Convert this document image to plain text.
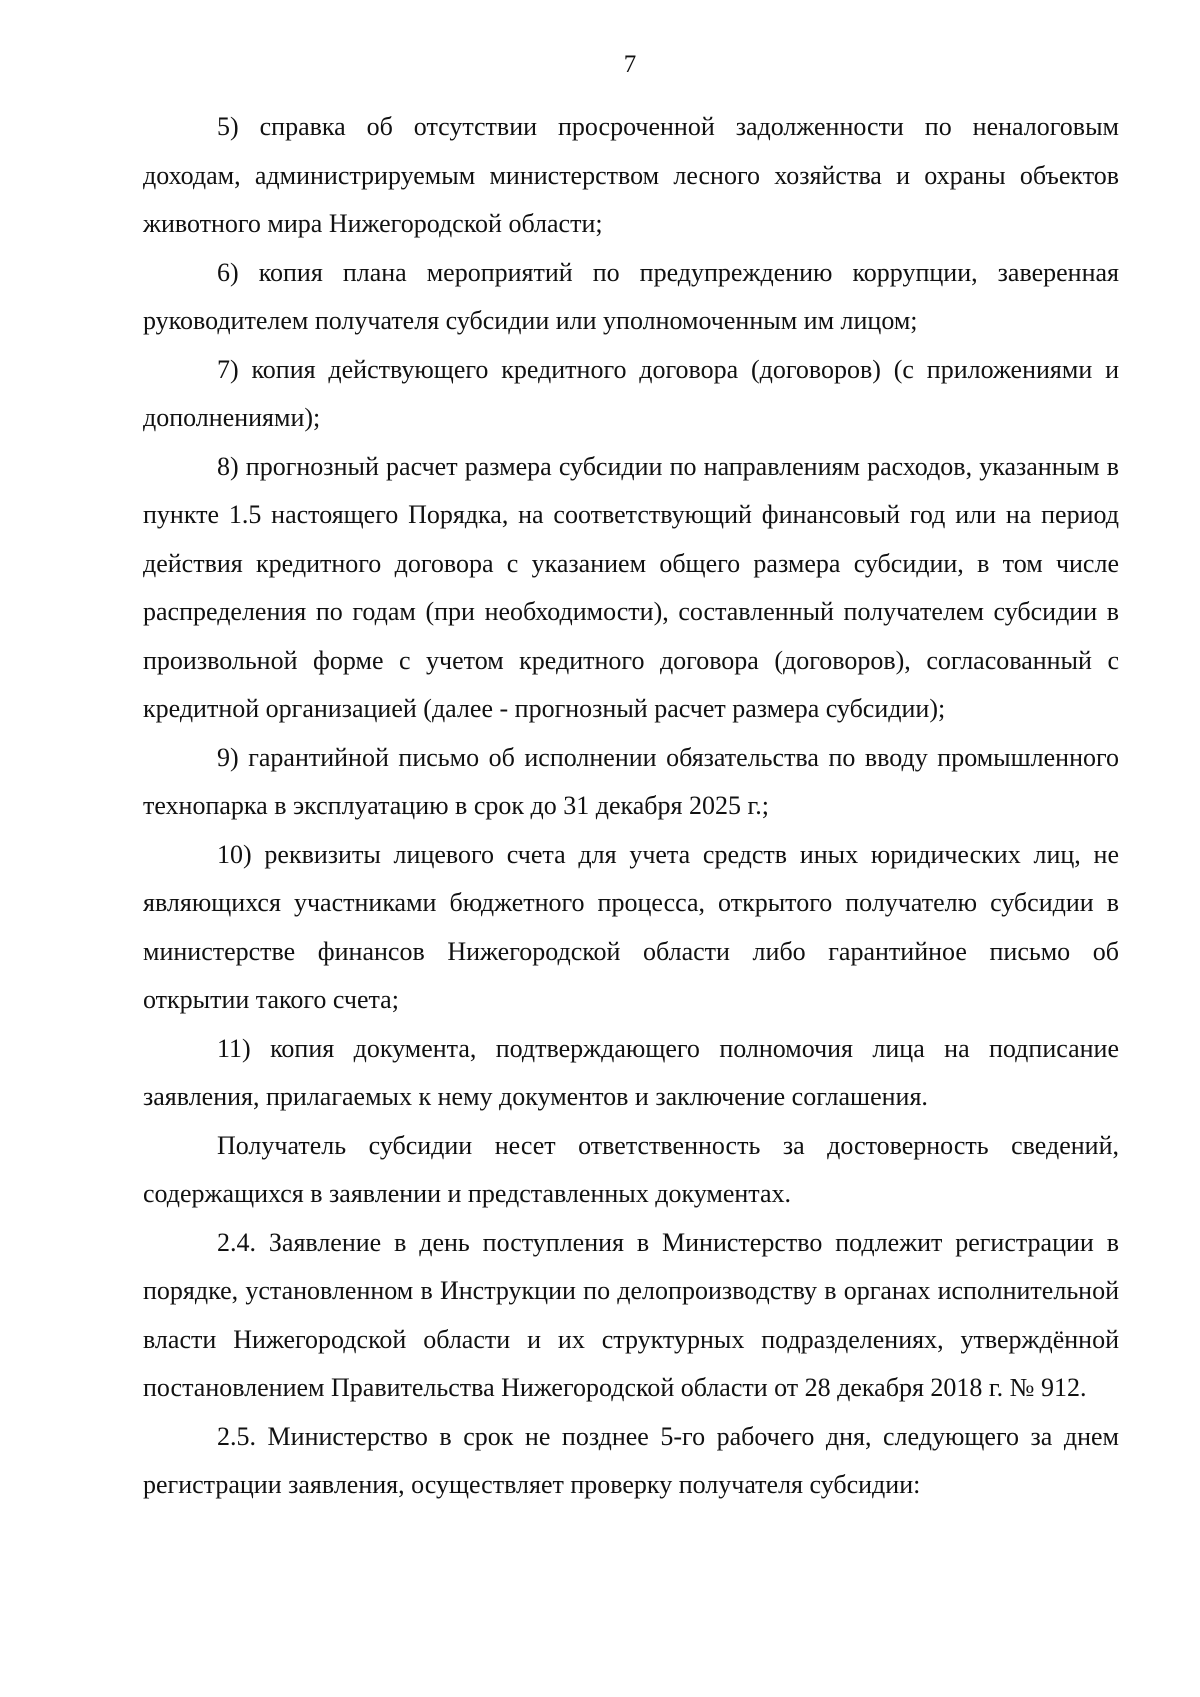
7

5) справка об отсутствии просроченной задолженности по неналоговым доходам, администрируемым министерством лесного хозяйства и охраны объектов животного мира Нижегородской области;

6) копия плана мероприятий по предупреждению коррупции, заверенная руководителем получателя субсидии или уполномоченным им лицом;

7) копия действующего кредитного договора (договоров) (с приложениями и дополнениями);

8) прогнозный расчет размера субсидии по направлениям расходов, указанным в пункте 1.5 настоящего Порядка, на соответствующий финансовый год или на период действия кредитного договора с указанием общего размера субсидии, в том числе распределения по годам (при необходимости), составленный получателем субсидии в произвольной форме с учетом кредитного договора (договоров), согласованный с кредитной организацией (далее - прогнозный расчет размера субсидии);

9) гарантийной письмо об исполнении обязательства по вводу промышленного технопарка в эксплуатацию в срок до 31 декабря 2025 г.;

10) реквизиты лицевого счета для учета средств иных юридических лиц, не являющихся участниками бюджетного процесса, открытого получателю субсидии в министерстве финансов Нижегородской области либо гарантийное письмо об открытии такого счета;

11) копия документа, подтверждающего полномочия лица на подписание заявления, прилагаемых к нему документов и заключение соглашения.

Получатель субсидии несет ответственность за достоверность сведений, содержащихся в заявлении и представленных документах.

2.4. Заявление в день поступления в Министерство подлежит регистрации в порядке, установленном в Инструкции по делопроизводству в органах исполнительной власти Нижегородской области и их структурных подразделениях, утверждённой постановлением Правительства Нижегородской области от 28 декабря 2018 г. № 912.

2.5. Министерство в срок не позднее 5-го рабочего дня, следующего за днем регистрации заявления, осуществляет проверку получателя субсидии:
